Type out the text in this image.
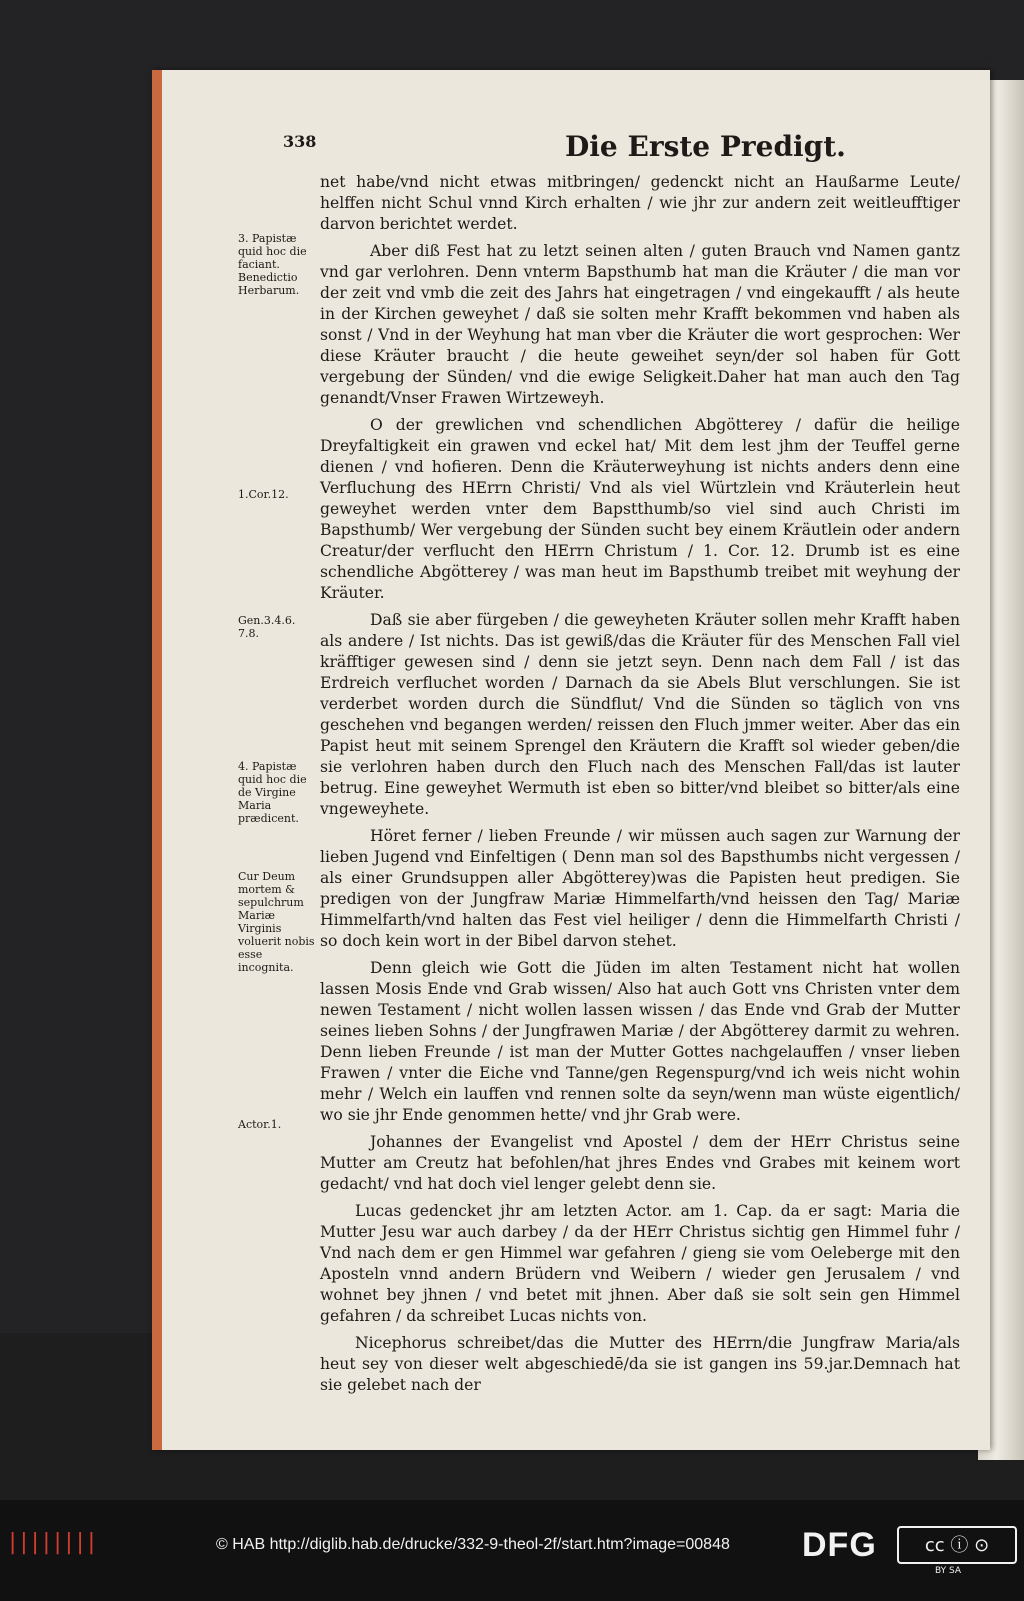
338	Die Erste Predigt.
3. Papistæ quid hoc die faciant. Benedictio Herbarum.
1.Cor.12.
Gen.3.4.6. 7.8.
4. Papistæ quid hoc die de Virgine Maria prædicent.
Cur Deum mortem & sepulchrum Mariæ Virginis voluerit nobis esse incognita.
Actor.1.

net habe/vnd nicht etwas mitbringen/ gedenckt nicht an Haußarme Leute/ helffen nicht Schul vnnd Kirch erhalten / wie jhr zur andern zeit weitleufftiger darvon berichtet werdet.

Aber diß Fest hat zu letzt seinen alten / guten Brauch vnd Namen gantz vnd gar verlohren. Denn vnterm Bapsthumb hat man die Kräuter / die man vor der zeit vnd vmb die zeit des Jahrs hat eingetragen / vnd eingekaufft / als heute in der Kirchen geweyhet / daß sie solten mehr Krafft bekommen vnd haben als sonst / Vnd in der Weyhung hat man vber die Kräuter die wort gesprochen: Wer diese Kräuter braucht / die heute geweihet seyn/der sol haben für Gott vergebung der Sünden/ vnd die ewige Seligkeit.Daher hat man auch den Tag genandt/Vnser Frawen Wirtzeweyh.

O der grewlichen vnd schendlichen Abgötterey / dafür die heilige Dreyfaltigkeit ein grawen vnd eckel hat/ Mit dem lest jhm der Teuffel gerne dienen / vnd hofieren. Denn die Kräuterweyhung ist nichts anders denn eine Verfluchung des HErrn Christi/ Vnd als viel Würtzlein vnd Kräuterlein heut geweyhet werden vnter dem Bapstthumb/so viel sind auch Christi im Bapsthumb/ Wer vergebung der Sünden sucht bey einem Kräutlein oder andern Creatur/der verflucht den HErrn Christum / 1. Cor. 12. Drumb ist es eine schendliche Abgötterey / was man heut im Bapsthumb treibet mit weyhung der Kräuter.

Daß sie aber fürgeben / die geweyheten Kräuter sollen mehr Krafft haben als andere / Ist nichts. Das ist gewiß/das die Kräuter für des Menschen Fall viel kräfftiger gewesen sind / denn sie jetzt seyn. Denn nach dem Fall / ist das Erdreich verfluchet worden / Darnach da sie Abels Blut verschlungen. Sie ist verderbet worden durch die Sündflut/ Vnd die Sünden so täglich von vns geschehen vnd begangen werden/ reissen den Fluch jmmer weiter. Aber das ein Papist heut mit seinem Sprengel den Kräutern die Krafft sol wieder geben/die sie verlohren haben durch den Fluch nach des Menschen Fall/das ist lauter betrug. Eine geweyhet Wermuth ist eben so bitter/vnd bleibet so bitter/als eine vngeweyhete.

Höret ferner / lieben Freunde / wir müssen auch sagen zur Warnung der lieben Jugend vnd Einfeltigen ( Denn man sol des Bapsthumbs nicht vergessen / als einer Grundsuppen aller Abgötterey)was die Papisten heut predigen. Sie predigen von der Jungfraw Mariæ Himmelfarth/vnd heissen den Tag/ Mariæ Himmelfarth/vnd halten das Fest viel heiliger / denn die Himmelfarth Christi / so doch kein wort in der Bibel darvon stehet.

Denn gleich wie Gott die Jüden im alten Testament nicht hat wollen lassen Mosis Ende vnd Grab wissen/ Also hat auch Gott vns Christen vnter dem newen Testament / nicht wollen lassen wissen / das Ende vnd Grab der Mutter seines lieben Sohns / der Jungfrawen Mariæ / der Abgötterey darmit zu wehren. Denn lieben Freunde / ist man der Mutter Gottes nachgelauffen / vnser lieben Frawen / vnter die Eiche vnd Tanne/gen Regenspurg/vnd ich weis nicht wohin mehr / Welch ein lauffen vnd rennen solte da seyn/wenn man wüste eigentlich/ wo sie jhr Ende genommen hette/ vnd jhr Grab were.

Johannes der Evangelist vnd Apostel / dem der HErr Christus seine Mutter am Creutz hat befohlen/hat jhres Endes vnd Grabes mit keinem wort gedacht/ vnd hat doch viel lenger gelebt denn sie.

Lucas gedencket jhr am letzten Actor. am 1. Cap. da er sagt: Maria die Mutter Jesu war auch darbey / da der HErr Christus sichtig gen Himmel fuhr / Vnd nach dem er gen Himmel war gefahren / gieng sie vom Oeleberge mit den Aposteln vnnd andern Brüdern vnd Weibern / wieder gen Jerusalem / vnd wohnet bey jhnen / vnd betet mit jhnen. Aber daß sie solt sein gen Himmel gefahren / da schreibet Lucas nichts von.

Nicephorus schreibet/das die Mutter des HErrn/die Jungfraw Maria/als heut sey von dieser welt abgeschiedē/da sie ist gangen ins 59.jar.Demnach hat sie gelebet nach der

||||||||	© HAB http://diglib.hab.de/drucke/332-9-theol-2f/start.htm?image=00848 DFG	cc ⓘ ⊙
BY SA
